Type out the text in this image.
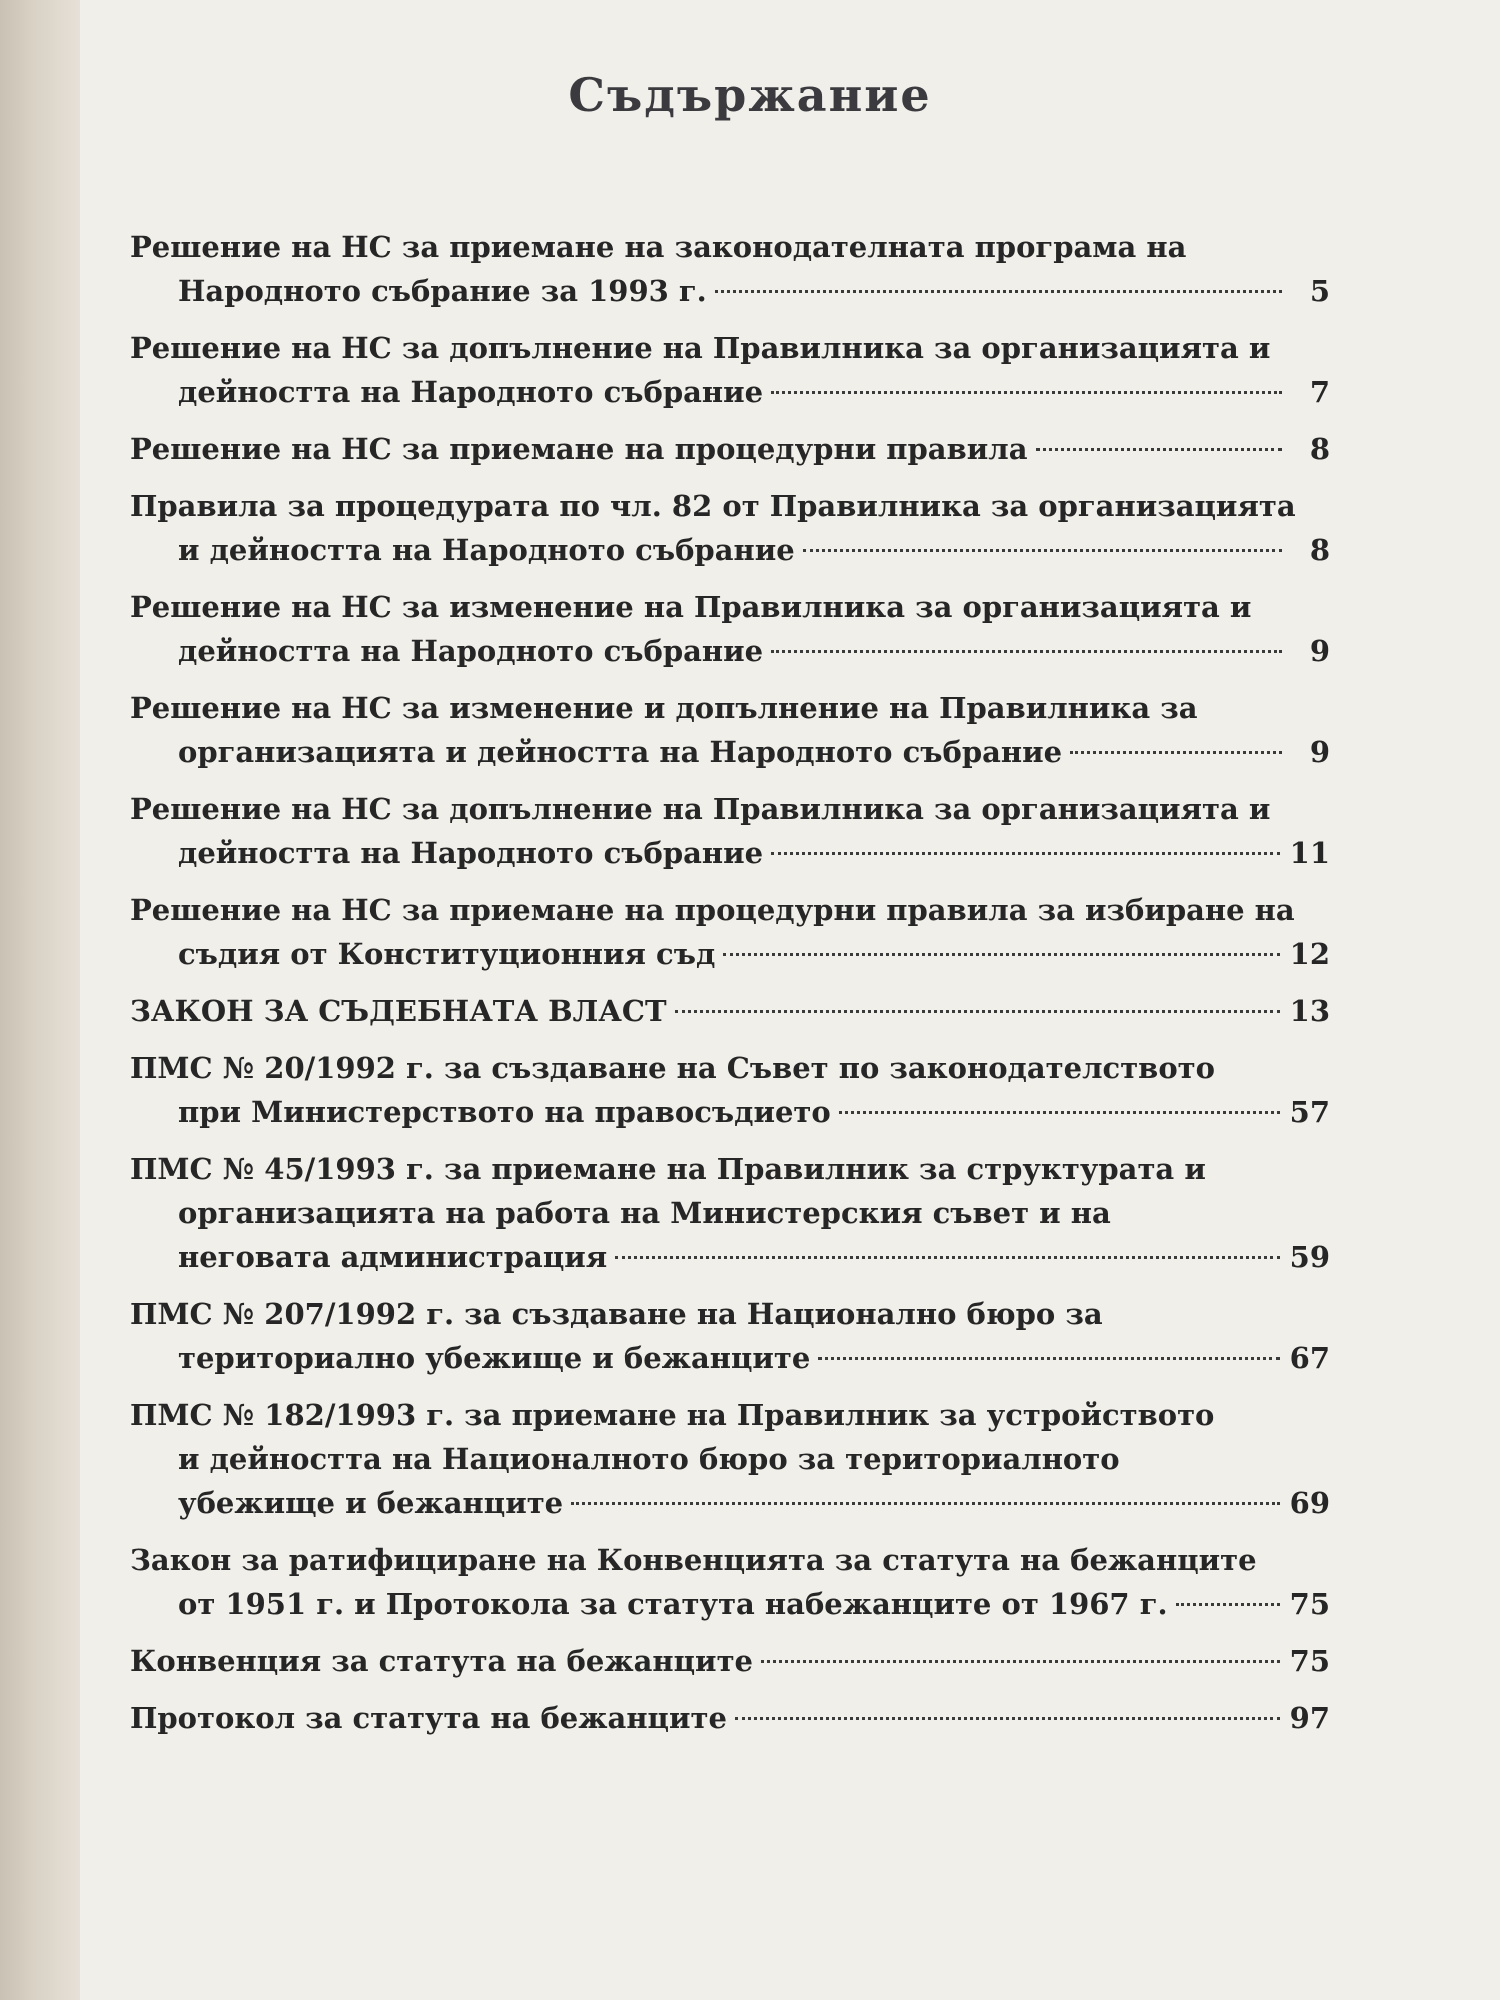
Съдържание
Решение на НС за приемане на законодателната програма на
Народното събрание за 1993 г.	5
Решение на НС за допълнение на Правилника за организацията и
дейността на Народното събрание	7
Решение на НС за приемане на процедурни правила	8
Правила за процедурата по чл. 82 от Правилника за организацията
и дейността на Народното събрание	8
Решение на НС за изменение на Правилника за организацията и
дейността на Народното събрание	9
Решение на НС за изменение и допълнение на Правилника за
организацията и дейността на Народното събрание	9
Решение на НС за допълнение на Правилника за организацията и
дейността на Народното събрание	11
Решение на НС за приемане на процедурни правила за избиране на
съдия от Конституционния съд	12
ЗАКОН ЗА СЪДЕБНАТА ВЛАСТ	13
ПМС № 20/1992 г. за създаване на Съвет по законодателството
при Министерството на правосъдието	57
ПМС № 45/1993 г. за приемане на Правилник за структурата и
организацията на работа на Министерския съвет и на
неговата администрация	59
ПМС № 207/1992 г. за създаване на Национално бюро за
териториално убежище и бежанците	67
ПМС № 182/1993 г. за приемане на Правилник за устройството
и дейността на Националното бюро за териториалното
убежище и бежанците	69
Закон за ратифициране на Конвенцията за статута на бежанците
от 1951 г. и Протокола за статута набежанците от 1967 г.	75
Конвенция за статута на бежанците	75
Протокол за статута на бежанците	97
